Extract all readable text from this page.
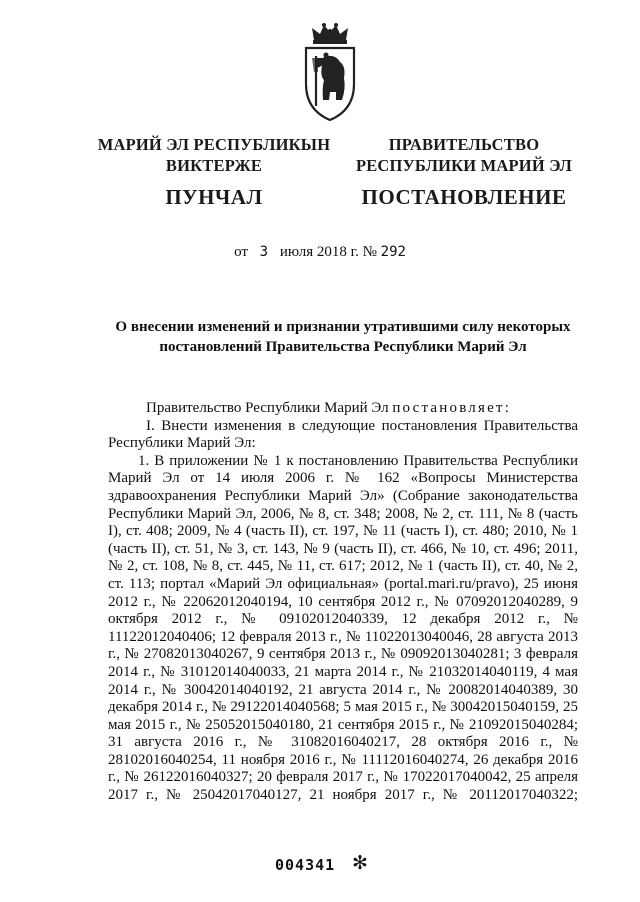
МАРИЙ ЭЛ РЕСПУБЛИКЫН
ВИКТЕРЖЕ
ПУНЧАЛ
ПРАВИТЕЛЬСТВО
РЕСПУБЛИКИ МАРИЙ ЭЛ
ПОСТАНОВЛЕНИЕ
от 3 июля 2018 г. № 292
О внесении изменений и признании утратившими силу некоторых
постановлений Правительства Республики Марий Эл

Правительство Республики Марий Эл постановляет:

I. Внести изменения в следующие постановления Правительства Республики Марий Эл:

1. В приложении № 1 к постановлению Правительства Республики Марий Эл от 14 июля 2006 г. № 162 «Вопросы Министерства здравоохранения Республики Марий Эл» (Собрание законодательства Республики Марий Эл, 2006, № 8, ст. 348; 2008, № 2, ст. 111, № 8 (часть I), ст. 408; 2009, № 4 (часть II), ст. 197, № 11 (часть I), ст. 480; 2010, № 1 (часть II), ст. 51, № 3, ст. 143, № 9 (часть II), ст. 466, № 10, ст. 496; 2011, № 2, ст. 108, № 8, ст. 445, № 11, ст. 617; 2012, № 1 (часть II), ст. 40, № 2, ст. 113; портал «Марий Эл официальная» (portal.mari.ru/pravo), 25 июня 2012 г., № 22062012040194, 10 сентября 2012 г., № 07092012040289, 9 октября 2012 г., № 09102012040339, 12 декабря 2012 г., № 11122012040406; 12 февраля 2013 г., № 11022013040046, 28 августа 2013 г., № 27082013040267, 9 сентября 2013 г., № 09092013040281; 3 февраля 2014 г., № 31012014040033, 21 марта 2014 г., № 21032014040119, 4 мая 2014 г., № 30042014040192, 21 августа 2014 г., № 20082014040389, 30 декабря 2014 г., № 29122014040568; 5 мая 2015 г., № 30042015040159, 25 мая 2015 г., № 25052015040180, 21 сентября 2015 г., № 21092015040284; 31 августа 2016 г., № 31082016040217, 28 октября 2016 г., № 28102016040254, 11 ноября 2016 г., № 11112016040274, 26 декабря 2016 г., № 26122016040327; 20 февраля 2017 г., № 17022017040042, 25 апреля 2017 г., № 25042017040127, 21 ноября 2017 г., № 20112017040322;

004341 ✻
